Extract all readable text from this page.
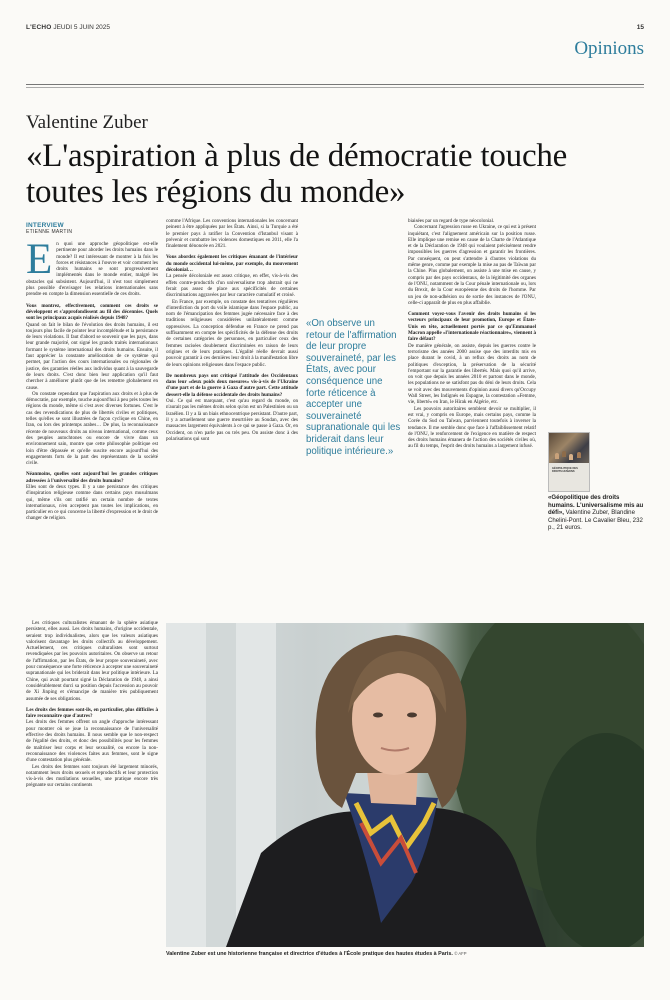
L'ECHO JEUDI 5 JUIN 2025	15
Opinions
Valentine Zuber
«L'aspiration à plus de démocratie touche toutes les régions du monde»
INTERVIEW
ETIENNE MARTIN
E n quoi une approche géopolitique est-elle pertinente pour aborder les droits humains dans le monde? Il est intéressant de montrer à la fois les forces et résistances à l'œuvre et voir comment les droits humains se sont progressivement implémentés dans le monde entier, malgré les obstacles qui subsistent. Aujourd'hui, il n'est tout simplement plus possible d'envisager les relations internationales sans prendre en compte la dimension essentielle de ces droits.

Vous montrez, effectivement, comment ces droits se développent et s'approfondissent au fil des décennies. Quels sont les principaux acquis réalisés depuis 1948?

Quand on fait le bilan de l'évolution des droits humains, il est toujours plus facile de pointer leur incomplétude et la persistance de leurs violations. Il faut d'abord se souvenir que les pays, dans leur grande majorité, ont signé les grands traités internationaux formant le système international des droits humains. Ensuite, il faut apprécier la constante amélioration de ce système qui permet, par l'action des cours internationales ou régionales de justice, des garanties réelles aux individus quant à la sauvegarde de leurs droits. C'est donc bien leur application qu'il faut chercher à améliorer plutôt que de les remettre globalement en cause.

On constate cependant que l'aspiration aux droits et à plus de démocratie, par exemple, touche aujourd'hui à peu près toutes les régions du monde, même si c'est avec diverses fortunes. C'est le cas des revendications de plus de libertés civiles et politiques, telles qu'elles se sont illustrées de façon cyclique en Chine, en Iran, ou lors des printemps arabes… De plus, la reconnaissance récente de nouveaux droits au niveau international, comme ceux des peuples autochtones ou encore de vivre dans un environnement sain, montre que cette philosophie politique est loin d'être dépassée et qu'elle suscite encore aujourd'hui des engagements forts de la part des représentants de la société civile.

Néanmoins, quelles sont aujourd'hui les grandes critiques adressées à l'universalité des droits humains?

Elles sont de deux types. Il y a une persistance des critiques d'inspiration religieuse comme dans certains pays musulmans qui, même s'ils ont ratifié un certain nombre de textes internationaux, n'en acceptent pas toutes les implications, en particulier en ce qui concerne la liberté d'expression et le droit de changer de religion.

Les critiques culturalistes émanant de la sphère asiatique persistent, elles aussi. Les droits humains, d'origine occidentale, seraient trop individualistes, alors que les valeurs asiatiques valorisent davantage les droits collectifs au développement. Actuellement, ces critiques culturalistes sont surtout revendiquées par les pouvoirs autoritaires. On observe un retour de l'affirmation, par les États, de leur propre souveraineté, avec pour conséquence une forte réticence à accepter une souveraineté supranationale qui les briderait dans leur politique intérieure. La Chine, qui avait pourtant signé la Déclaration de 1948, a ainsi considérablement durci sa position depuis l'accession au pouvoir de Xi Jinping et s'émancipe de manière très publiquement assumée de ses obligations.

Les droits des femmes sont-ils, en particulier, plus difficiles à faire reconnaître que d'autres?

Les droits des femmes offrent un angle d'approche intéressant pour montrer où se joue la reconnaissance de l'universalité effective des droits humains. Il nous semble que le non-respect de l'égalité des droits, et donc des possibilités pour les femmes de maîtriser leur corps et leur sexualité, ou encore la non-reconnaissance des violences faites aux femmes, sont le signe d'une contestation plus générale.

Les droits des femmes sont toujours été largement minorés, notamment leurs droits sexuels et reproductifs et leur protection vis-à-vis des mutilations sexuelles, une pratique encore très prégnante sur certains continents

comme l'Afrique. Les conventions internationales les concernant peinent à être appliquées par les États. Ainsi, si la Turquie a été le premier pays à ratifier la Convention d'Istanbul visant à prévenir et combattre les violences domestiques en 2011, elle l'a finalement dénoncée en 2021.

Vous abordez également les critiques émanant de l'intérieur du monde occidental lui-même, par exemple, du mouvement décolonial…

La pensée décoloniale est assez critique, en effet, vis-à-vis des effets contre-productifs d'un universalisme trop abstrait qui ne ferait pas assez de place aux spécificités de certaines discriminations aggravées par leur caractère cumulatif et croisé.

En France, par exemple, on constate des tentatives régulières d'interdiction du port du voile islamique dans l'espace public, au nom de l'émancipation des femmes jugée nécessaire face à des traditions religieuses considérées unilatéralement comme oppressives. La conception défendue en France ne prend pas suffisamment en compte les spécificités de la défense des droits de certaines catégories de personnes, en particulier ceux des femmes racisées doublement discriminées en raison de leurs origines et de leurs pratiques. L'égalité réelle devrait aussi pouvoir garantir à ces dernières leur droit à la manifestation libre de leurs opinions religieuses dans l'espace public.

De nombreux pays ont critiqué l'attitude des Occidentaux dans leur «deux poids deux mesures» vis-à-vis de l'Ukraine d'une part et de la guerre à Gaza d'autre part. Cette attitude dessert-elle la défense occidentale des droits humains?

Oui. Ce qui est marquant, c'est qu'au regard du monde, on n'aurait pas les mêmes droits selon qu'on est un Palestinien ou un Israélien. Il y a là un biais ethnocentrique persistant. D'autre part, il y a actuellement une guerre meurtrière au Soudan, avec des massacres largement équivalents à ce qui se passe à Gaza. Or, en Occident, on n'en parle pas ou très peu. On assiste donc à des polarisations qui sont

«On observe un retour de l'affirmation de leur propre souveraineté, par les États, avec pour conséquence une forte réticence à accepter une souveraineté supranationale qui les briderait dans leur politique intérieure.»

biaisées par un regard de type néocolonial.

Concernant l'agression russe en Ukraine, ce qui est à présent inquiétant, c'est l'alignement américain sur la position russe. Elle implique une remise en cause de la Charte de l'Atlantique et de la Déclaration de 1948 qui voulaient précisément rendre impossibles les guerres d'agression et garantir les frontières. Par conséquent, on peut s'attendre à d'autres violations du même genre, comme par exemple la mise au pas de Taïwan par la Chine. Plus globalement, on assiste à une mise en cause, y compris par des pays occidentaux, de la légitimité des organes de l'ONU, notamment de la Cour pénale internationale ou, lors du Brexit, de la Cour européenne des droits de l'homme. Par un jeu de non-adhésion ou de sortie des instances de l'ONU, celle-ci apparaît de plus en plus affaiblie.

Comment voyez-vous l'avenir des droits humains si les vecteurs principaux de leur promotion, Europe et États-Unis en tête, actuellement portés par ce qu'Emmanuel Macron appelle «l'internationale réactionnaire», viennent à faire défaut?

De manière générale, on assiste, depuis les guerres contre le terrorisme des années 2000 assise que des interdits mis en place durant le covid, à un reflux des droits au nom de politiques d'exception, la préservation de la sécurité l'emportant sur la garantie des libertés. Mais quoi qu'il arrive, on voit que depuis les années 2010 et partout dans le monde, les populations ne se satisfont pas du déni de leurs droits. Cela se voit avec des mouvements d'opinion aussi divers qu'Occupy Wall Street, les Indignés en Espagne, la contestation «Femme, vie, liberté» en Iran, le Hirak en Algérie, etc.

Les pouvoirs autoritaires semblent devoir se multiplier, il est vrai, y compris en Europe, mais certains pays, comme la Corée du Sud ou Taïwan, parviennent toutefois à inverser la tendance. Il me semble donc que face à l'affaiblissement relatif de l'ONU, le renforcement de l'exigence en matière de respect des droits humains émanera de l'action des sociétés civiles où, au fil du temps, l'esprit des droits humains a largement infusé.

GÉOPOLITIQUE DES DROITS HUMAINS
«Géopolitique des droits humains. L'universalisme mis au défi», Valentine Zuber, Blandine Chelini-Pont. Le Cavalier Bleu, 232 p., 21 euros.
Valentine Zuber est une historienne française et directrice d'études à l'École pratique des hautes études à Paris. © AFP
